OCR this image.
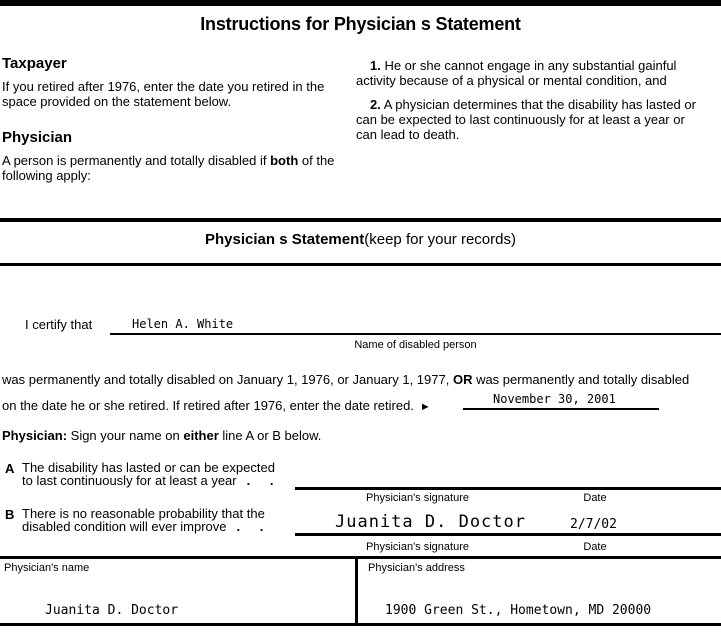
Instructions for Physician s Statement
Taxpayer

If you retired after 1976, enter the date you retired in the space provided on the statement below.

Physician

A person is permanently and totally disabled if both of the following apply:

1. He or she cannot engage in any substantial gainful activity because of a physical or mental condition, and

2. A physician determines that the disability has lasted or can be expected to last continuously for at least a year or can lead to death.

Physician s Statement(keep for your records)
I certify that	Helen A. White
Name of disabled person
was permanently and totally disabled on January 1, 1976, or January 1, 1977, OR was permanently and totally disabled
on the date he or she retired. If retired after 1976, enter the date retired. ►
November 30, 2001
Physician: Sign your name on either line A or B below.
A The disability has lasted or can be expected
to last continuously for at least a year . .
Physician's signature	Date
B There is no reasonable probability that the
disabled condition will ever improve . .	Juanita D. Doctor	2/7/02
Physician's signature	Date
Physician's name
Juanita D. Doctor
Physician's address
1900 Green St., Hometown, MD 20000
